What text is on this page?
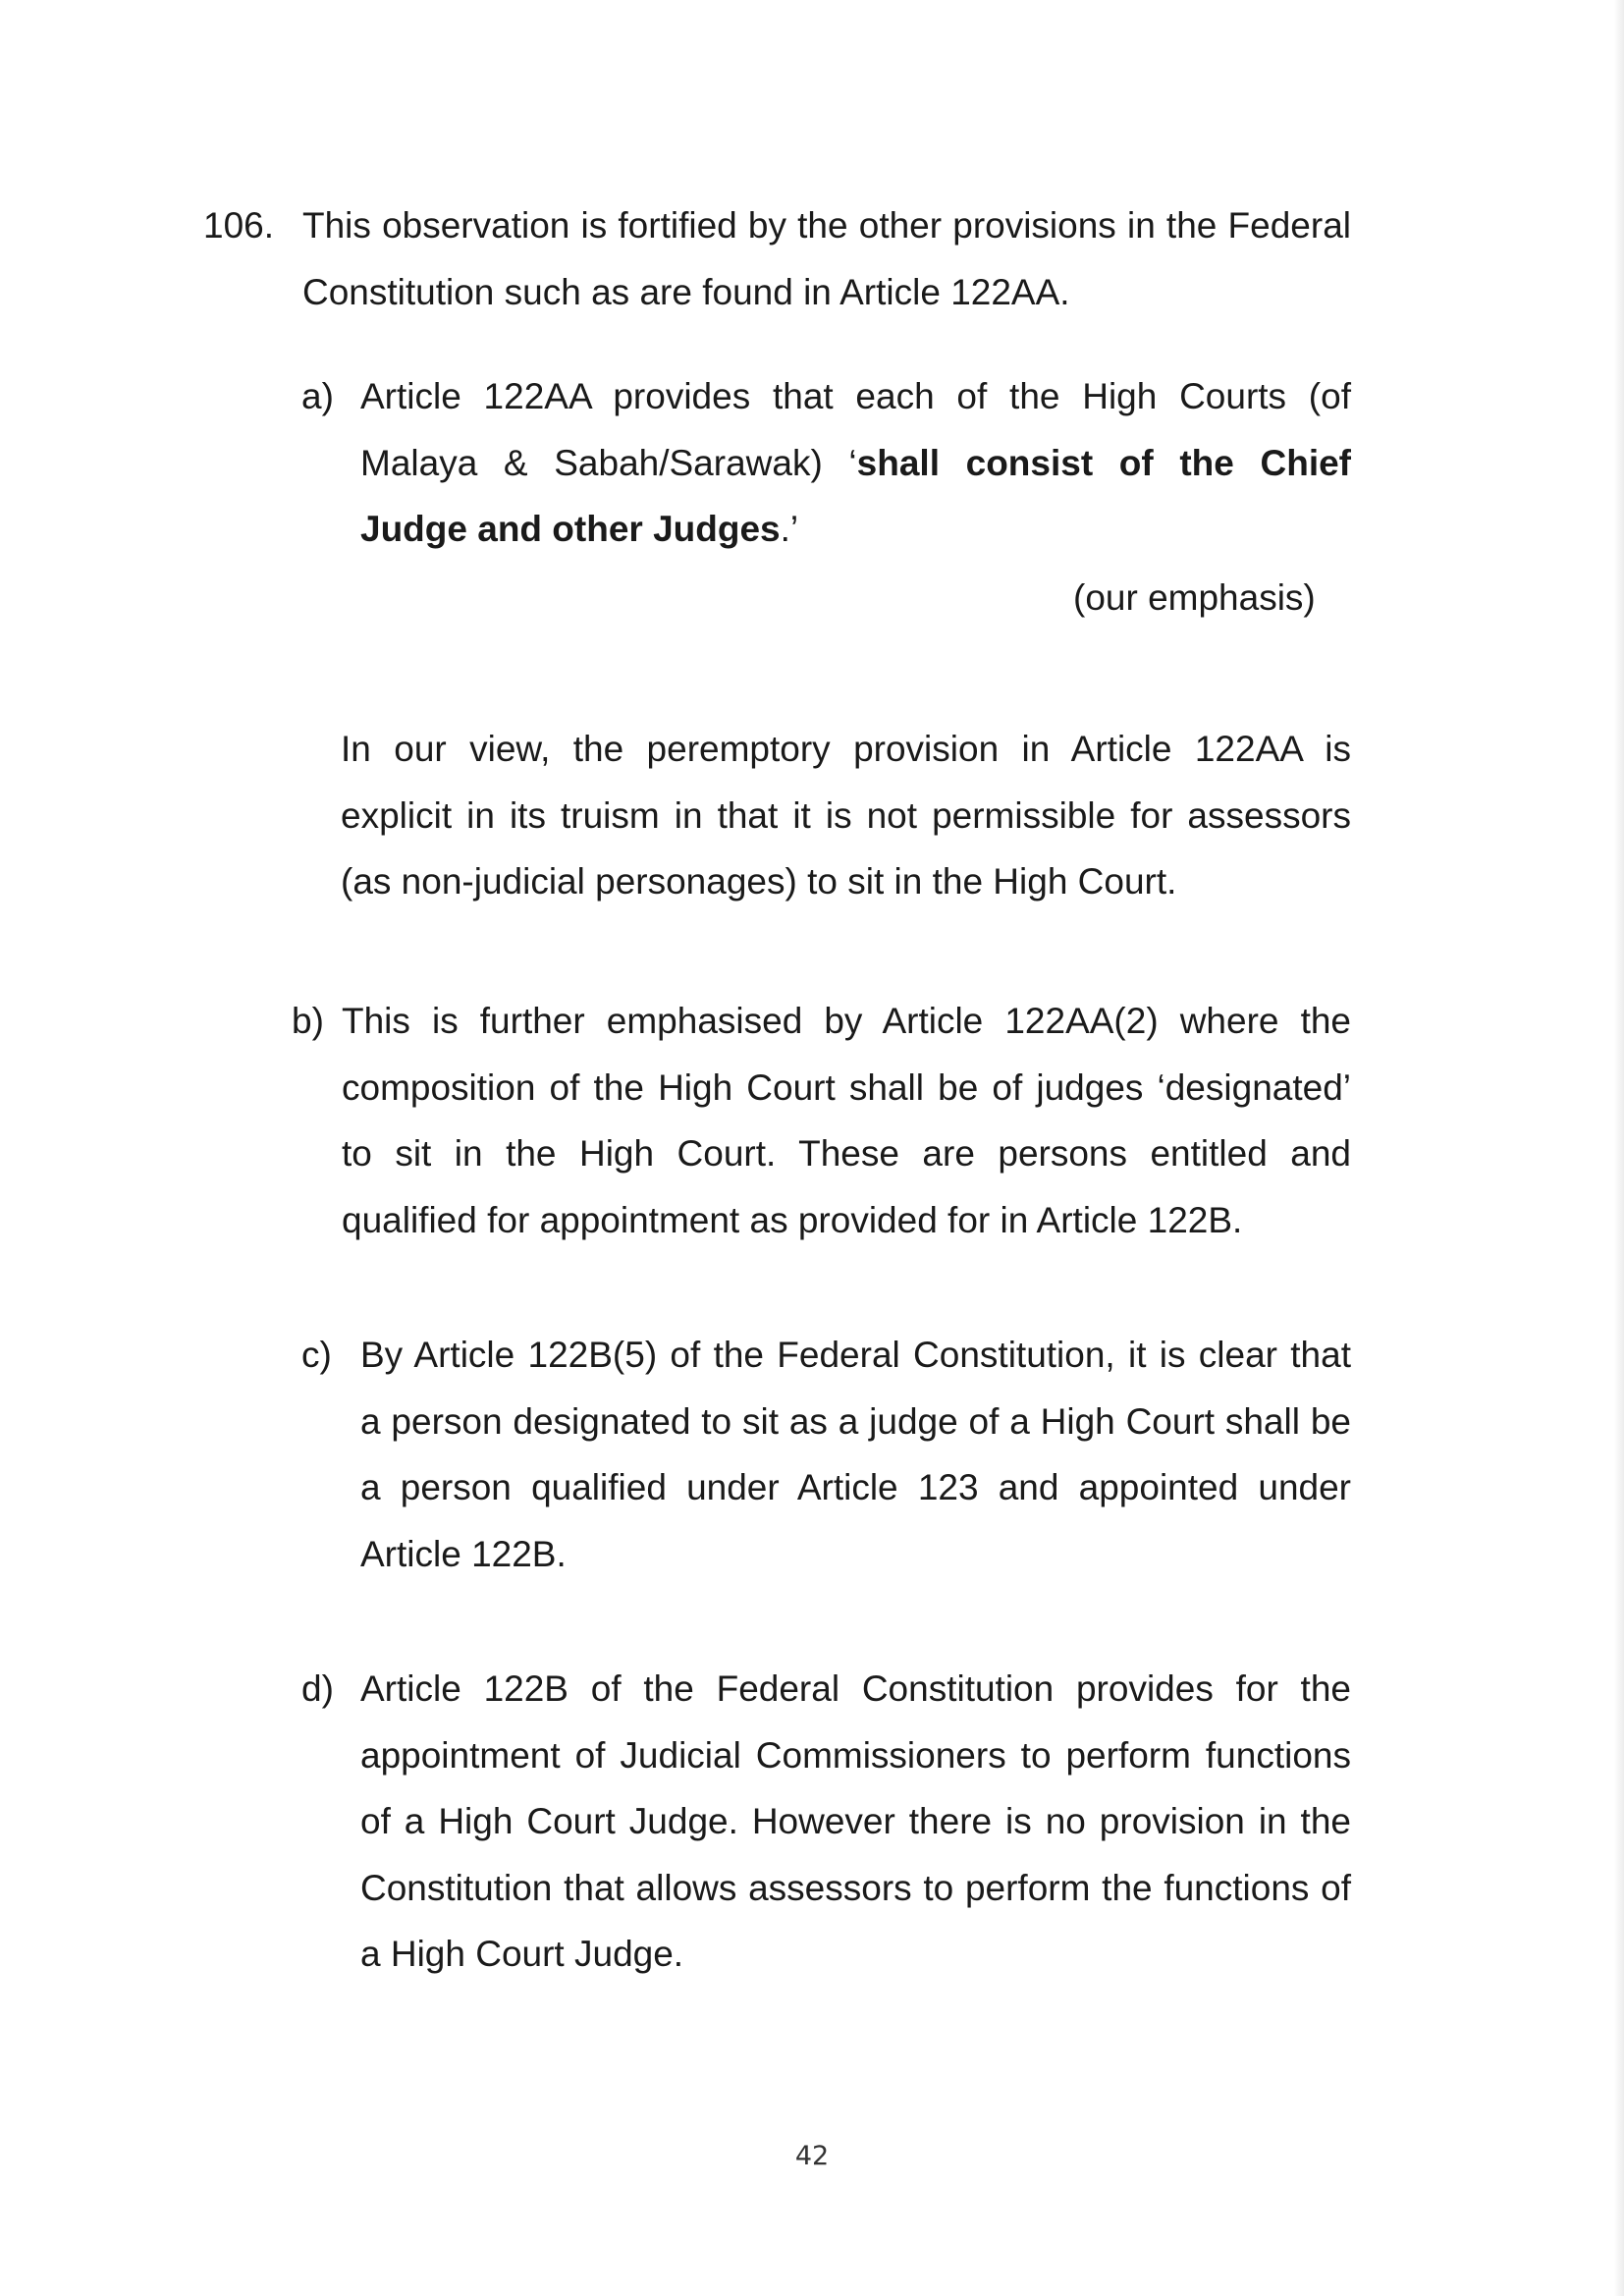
106. This observation is fortified by the other provisions in the Federal Constitution such as are found in Article 122AA.

a) Article 122AA provides that each of the High Courts (of Malaya & Sabah/Sarawak) ‘shall consist of the Chief Judge and other Judges.’

(our emphasis)

In our view, the peremptory provision in Article 122AA is explicit in its truism in that it is not permissible for assessors (as non-judicial personages) to sit in the High Court.

b) This is further emphasised by Article 122AA(2) where the composition of the High Court shall be of judges ‘designated’ to sit in the High Court. These are persons entitled and qualified for appointment as provided for in Article 122B.

c) By Article 122B(5) of the Federal Constitution, it is clear that a person designated to sit as a judge of a High Court shall be a person qualified under Article 123 and appointed under Article 122B.

d) Article 122B of the Federal Constitution provides for the appointment of Judicial Commissioners to perform functions of a High Court Judge. However there is no provision in the Constitution that allows assessors to perform the functions of a High Court Judge.

42
